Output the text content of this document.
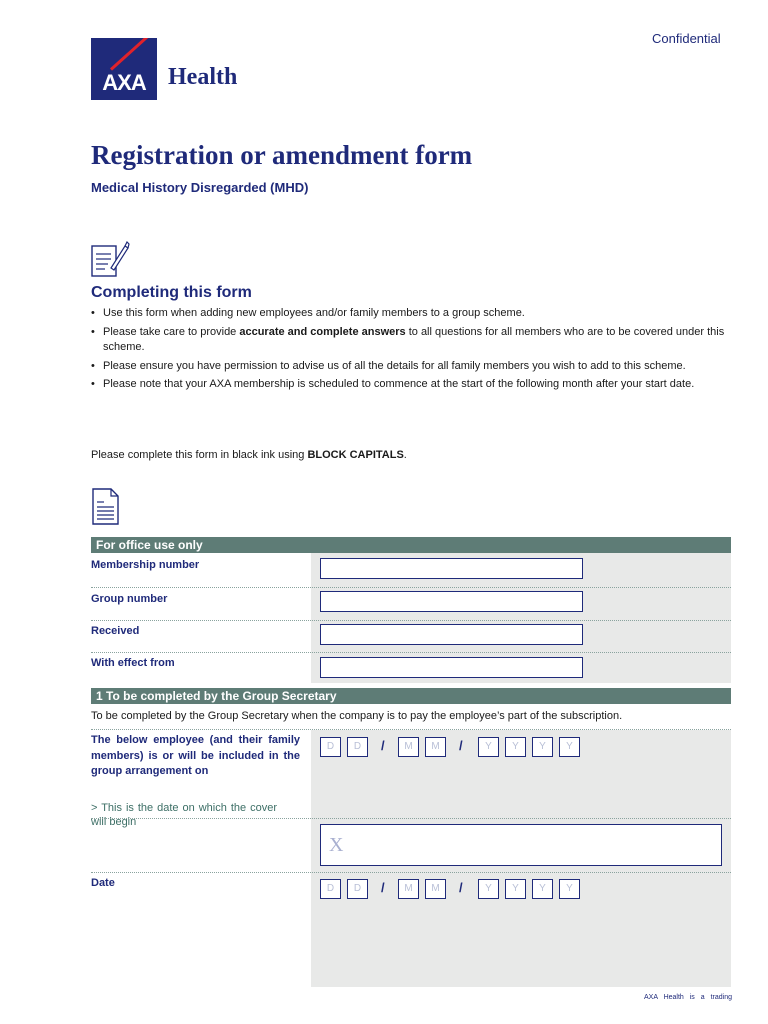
Confidential
AXA Health
Registration or amendment form
Medical History Disregarded (MHD)
Completing this form
• Use this form when adding new employees and/or family members to a group scheme.
• Please take care to provide accurate and complete answers to all questions for all members who are to be covered under this scheme.
• Please ensure you have permission to advise us of all the details for all family members you wish to add to this scheme.
• Please note that your AXA membership is scheduled to commence at the start of the following month after your start date.
Please complete this form in black ink using BLOCK CAPITALS.
For office use only
Membership number
Group number
Received
With effect from
1 To be completed by the Group Secretary
To be completed by the Group Secretary when the company is to pay the employee’s part of the subscription.
The below employee (and their family members) is or will be included in the group arrangement on
> This is the date on which the cover will begin
D	D	/	M	M	/	Y	Y	Y	Y
X
Date	D	D	/	M	M	/	Y	Y	Y	Y
AXA Health is a trading
